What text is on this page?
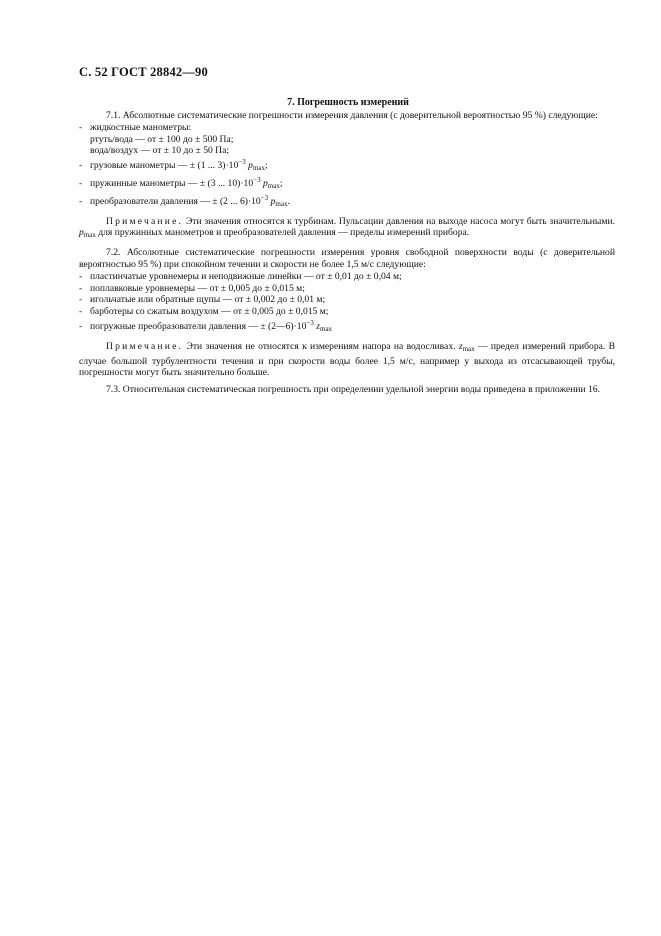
С. 52 ГОСТ 28842—90
7. Погрешность измерений

7.1. Абсолютные систематические погрешности измерения давления (с доверительной вероятностью 95 %) следующие:

- жидкостные манометры:

ртуть/вода — от ± 100 до ± 500 Па;

вода/воздух — от ± 10 до ± 50 Па;

- грузовые манометры — ± (1 ... $3)\cdot 10^{-3}$ $p_{max}$;

- пружинные манометры — ± (3 ... $10)\cdot 10^{-3}$ $p_{max}$;

- преобразователи давления — ± (2 ... $6)\cdot 10^{-3}$ $p_{max}$.

Примечание. Эти значения относятся к турбинам. Пульсации давления на выходе насоса могут быть значительными. $p_{max}$ для пружинных манометров и преобразователей давления — пределы измерений прибора.

7.2. Абсолютные систематические погрешности измерения уровня свободной поверхности воды (с доверительной вероятностью 95 %) при спокойном течении и скорости не более 1,5 м/с следующие:

- пластинчатые уровнемеры и неподвижные линейки — от ± 0,01 до ± 0,04 м;

- поплавковые уровнемеры — от ± 0,005 до ± 0,015 м;

- игольчатые или обратные щупы — от ± 0,002 до ± 0,01 м;

- барботеры со сжатым воздухом — от ± 0,005 до ± 0,015 м;

- погружные преобразователи давления — ± $(2—6)\cdot 10^{-3}$ $z_{max}$

Примечание. Эти значения не относятся к измерениям напора на водосливах. $z_{max}$ — предел измерений прибора. В случае большой турбулентности течения и при скорости воды более 1,5 м/с, например у выхода из отсасывающей трубы, погрешности могут быть значительно больше.

7.3. Относительная систематическая погрешность при определении удельной энергии воды приведена в приложении 16.
